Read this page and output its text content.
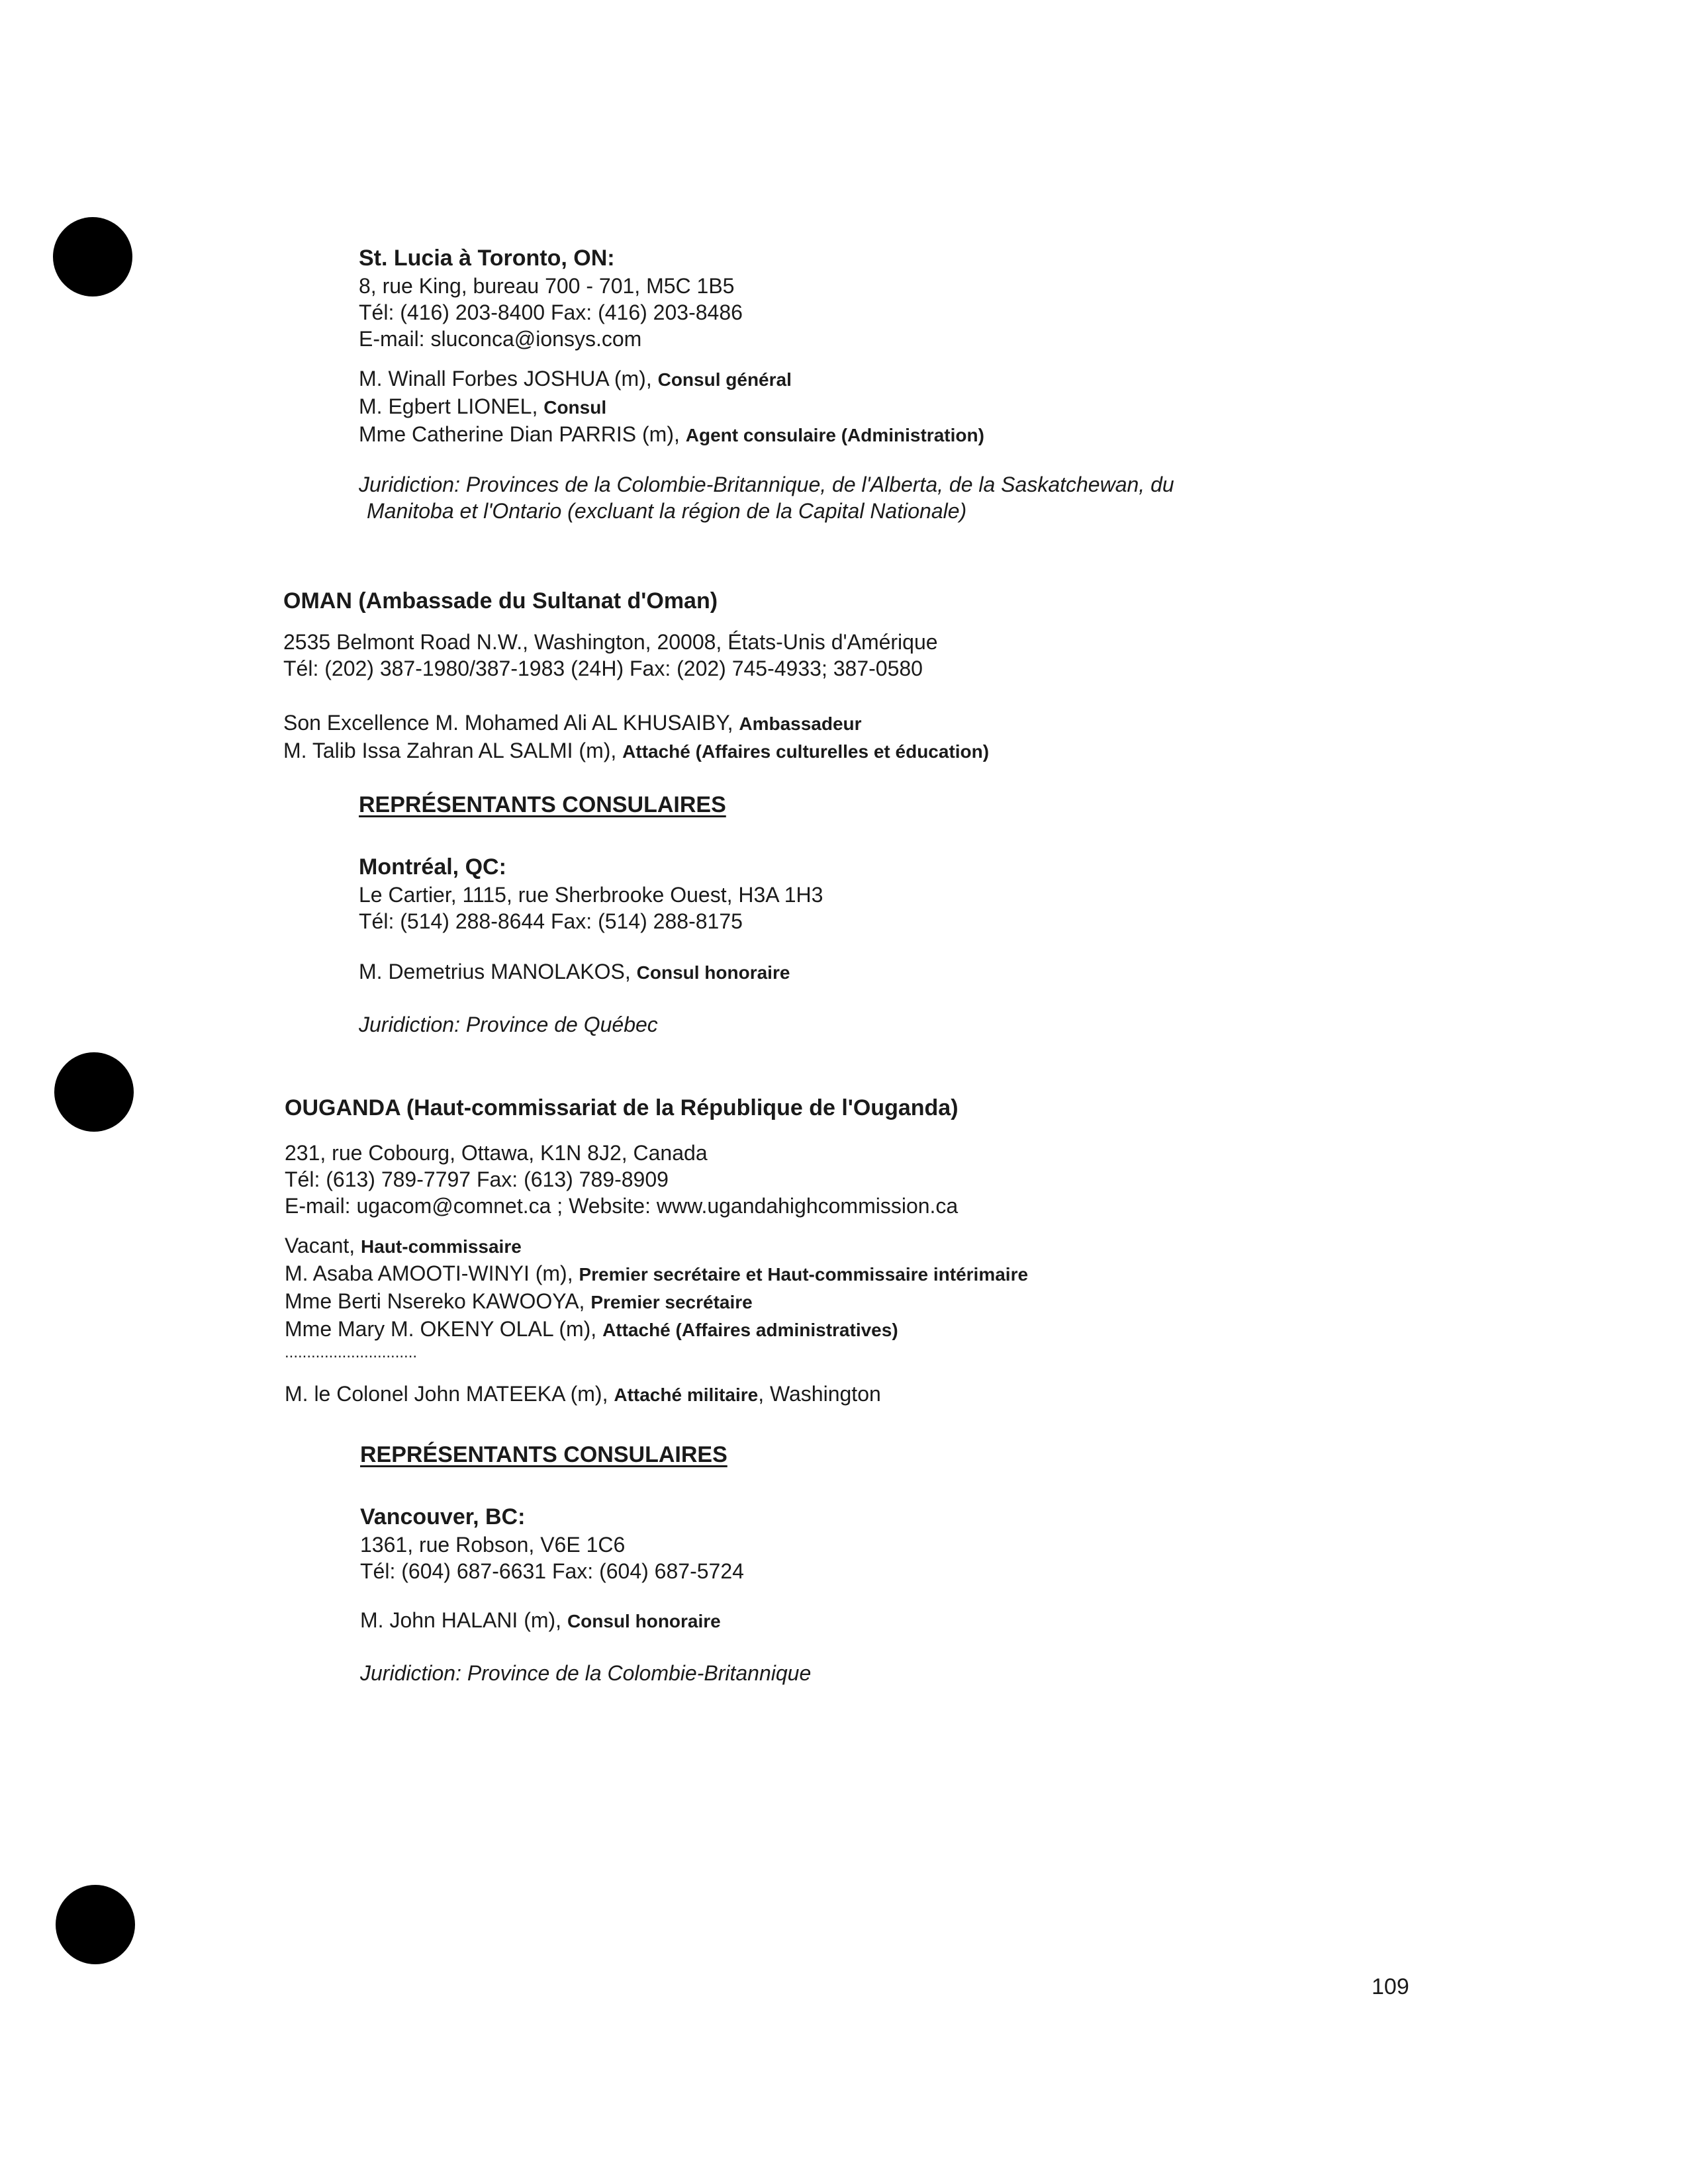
St. Lucia à Toronto, ON:
8, rue King, bureau 700 - 701, M5C 1B5
Tél: (416) 203-8400 Fax: (416) 203-8486
E-mail: sluconca@ionsys.com
M. Winall Forbes JOSHUA (m), Consul général
M. Egbert LIONEL, Consul
Mme Catherine Dian PARRIS (m), Agent consulaire (Administration)
Juridiction: Provinces de la Colombie-Britannique, de l'Alberta, de la Saskatchewan, du
Manitoba et l'Ontario (excluant la région de la Capital Nationale)
OMAN (Ambassade du Sultanat d'Oman)
2535 Belmont Road N.W., Washington, 20008, États-Unis d'Amérique
Tél: (202) 387-1980/387-1983 (24H) Fax: (202) 745-4933; 387-0580
Son Excellence M. Mohamed Ali AL KHUSAIBY, Ambassadeur
M. Talib Issa Zahran AL SALMI (m), Attaché (Affaires culturelles et éducation)
REPRÉSENTANTS CONSULAIRES
Montréal, QC:
Le Cartier, 1115, rue Sherbrooke Ouest, H3A 1H3
Tél: (514) 288-8644 Fax: (514) 288-8175
M. Demetrius MANOLAKOS, Consul honoraire
Juridiction: Province de Québec
OUGANDA (Haut-commissariat de la République de l'Ouganda)
231, rue Cobourg, Ottawa, K1N 8J2, Canada
Tél: (613) 789-7797 Fax: (613) 789-8909
E-mail: ugacom@comnet.ca ; Website: www.ugandahighcommission.ca
Vacant, Haut-commissaire
M. Asaba AMOOTI-WINYI (m), Premier secrétaire et Haut-commissaire intérimaire
Mme Berti Nsereko KAWOOYA, Premier secrétaire
Mme Mary M. OKENY OLAL (m), Attaché (Affaires administratives)
..............................
M. le Colonel John MATEEKA (m), Attaché militaire, Washington
REPRÉSENTANTS CONSULAIRES
Vancouver, BC:
1361, rue Robson, V6E 1C6
Tél: (604) 687-6631 Fax: (604) 687-5724
M. John HALANI (m), Consul honoraire
Juridiction: Province de la Colombie-Britannique
109
